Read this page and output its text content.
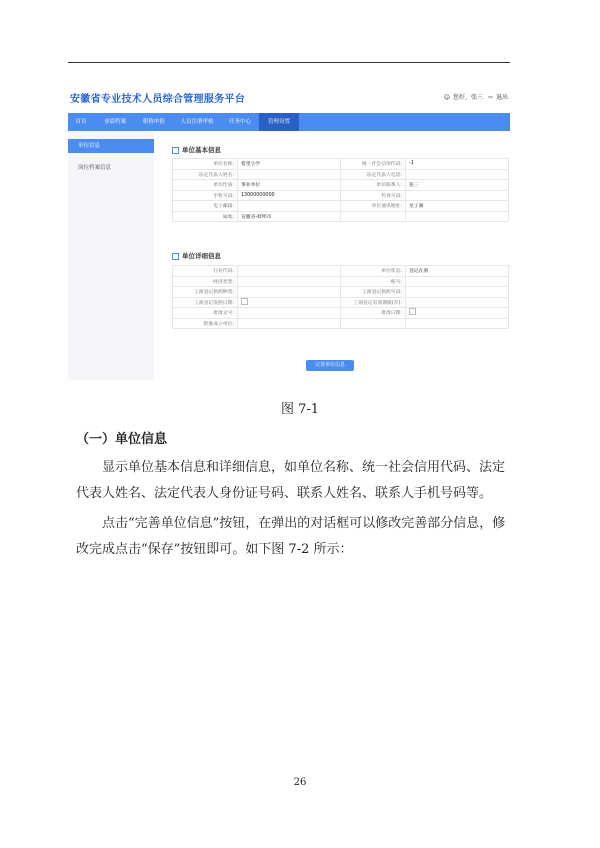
安徽省专业技术人员综合管理服务平台	☺ 您好，张三 ⇨ 退出
首页	业绩档案	职称申报	人员注册审核	任务中心	管理设置
单位信息
岗位档案信息
单位基本信息
单位名称:	希望小学	统一社会信用代码:	-1
法定代表人姓名:		法定代表人电话:	
单位性质:	事业单位	单位联系人:	张三
手机号码:	13000000000	传真号码:	
电子邮箱:		单位通讯地址:	龙子湖
属地:	安徽省-蚌埠市		
单位详细信息
行业代码:		单位状态:	登记在册
经济类型:		账号:	
工商登记执照种类:		工商登记执照号码:	
工商登记发照日期:		工商登记有效期限(年):	
批准文号:		批准日期:	
批准成立单位:			
完善单位信息
图 7-1
（一）单位信息
显示单位基本信息和详细信息，如单位名称、统一社会信用代码、法定代表人姓名、法定代表人身份证号码、联系人姓名、联系人手机号码等。
点击“完善单位信息”按钮，在弹出的对话框可以修改完善部分信息，修改完成点击“保存”按钮即可。如下图 7-2 所示：
26
